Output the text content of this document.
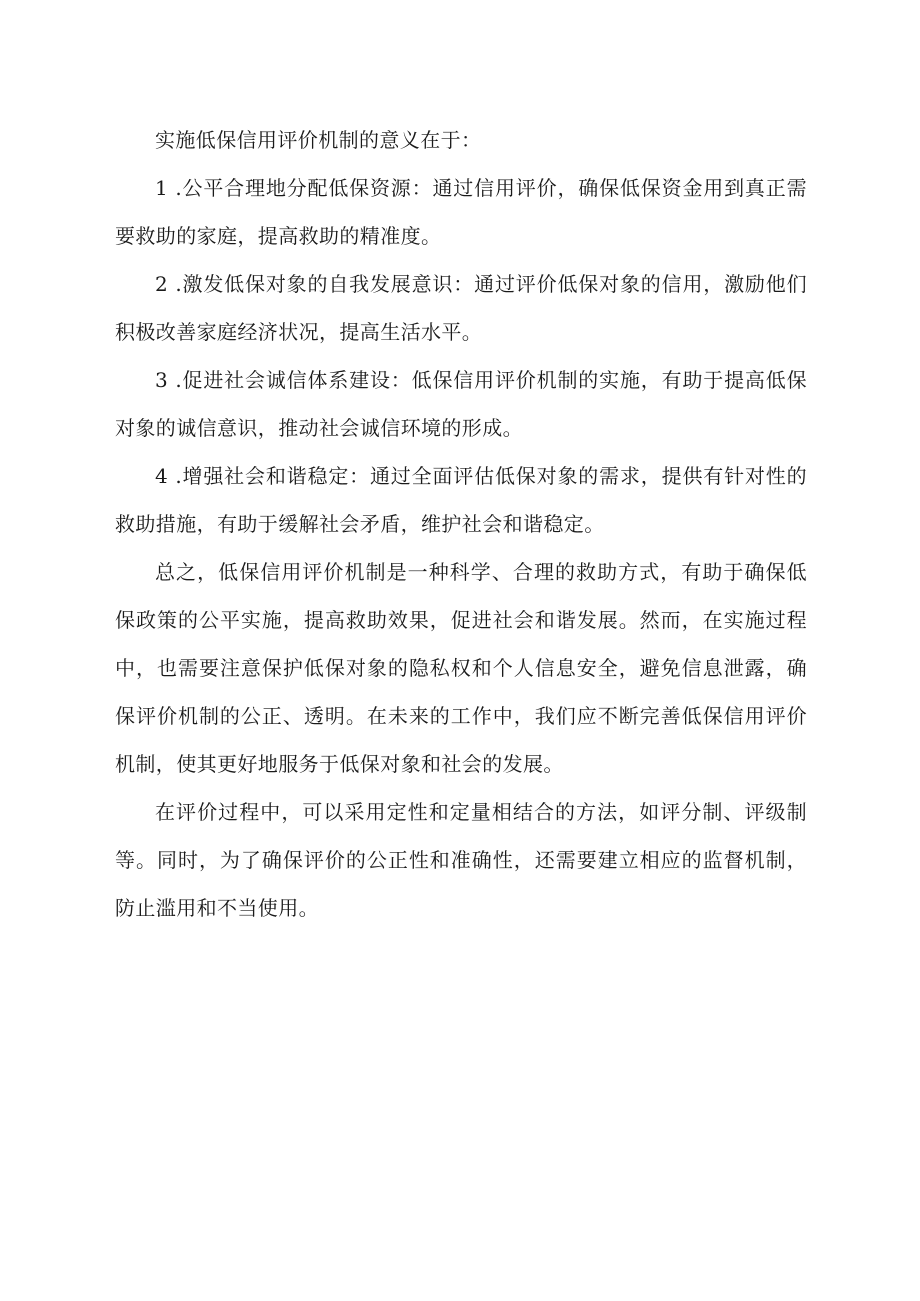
实施低保信用评价机制的意义在于：

1 .公平合理地分配低保资源：通过信用评价，确保低保资金用到真正需要救助的家庭，提高救助的精准度。

2 .激发低保对象的自我发展意识：通过评价低保对象的信用，激励他们积极改善家庭经济状况，提高生活水平。

3 .促进社会诚信体系建设：低保信用评价机制的实施，有助于提高低保对象的诚信意识，推动社会诚信环境的形成。

4 .增强社会和谐稳定：通过全面评估低保对象的需求，提供有针对性的救助措施，有助于缓解社会矛盾，维护社会和谐稳定。

总之，低保信用评价机制是一种科学、合理的救助方式，有助于确保低保政策的公平实施，提高救助效果，促进社会和谐发展。然而，在实施过程中，也需要注意保护低保对象的隐私权和个人信息安全，避免信息泄露，确保评价机制的公正、透明。在未来的工作中，我们应不断完善低保信用评价机制，使其更好地服务于低保对象和社会的发展。

在评价过程中，可以采用定性和定量相结合的方法，如评分制、评级制等。同时，为了确保评价的公正性和准确性，还需要建立相应的监督机制，防止滥用和不当使用。
